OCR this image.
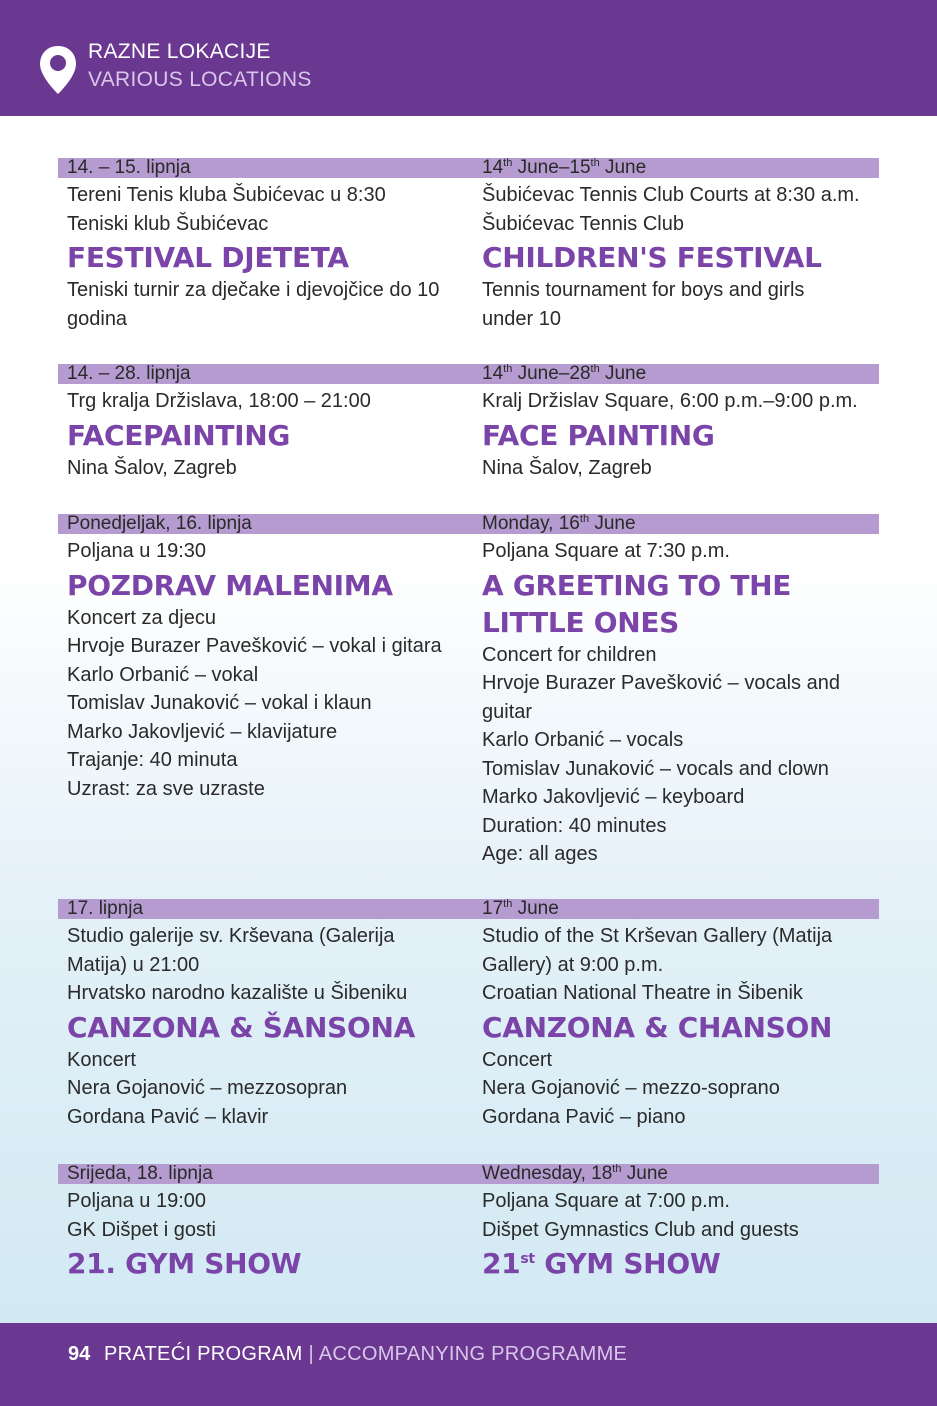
RAZNE LOKACIJE
VARIOUS LOCATIONS
14. – 15. lipnja
Tereni Tenis kluba Šubićevac u 8:30
Teniski klub Šubićevac
FESTIVAL DJETETA
Teniski turnir za dječake i djevojčice do 10
godina
14th June–15th June
Šubićevac Tennis Club Courts at 8:30 a.m.
Šubićevac Tennis Club
CHILDREN'S FESTIVAL
Tennis tournament for boys and girls
under 10
14. – 28. lipnja
Trg kralja Držislava, 18:00 – 21:00
FACEPAINTING
Nina Šalov, Zagreb
14th June–28th June
Kralj Držislav Square, 6:00 p.m.–9:00 p.m.
FACE PAINTING
Nina Šalov, Zagreb
Ponedjeljak, 16. lipnja
Poljana u 19:30
POZDRAV MALENIMA
Koncert za djecu
Hrvoje Burazer Pavešković – vokal i gitara
Karlo Orbanić – vokal
Tomislav Junaković – vokal i klaun
Marko Jakovljević – klavijature
Trajanje: 40 minuta
Uzrast: za sve uzraste
Monday, 16th June
Poljana Square at 7:30 p.m.
A GREETING TO THE LITTLE ONES
Concert for children
Hrvoje Burazer Pavešković – vocals and
guitar
Karlo Orbanić – vocals
Tomislav Junaković – vocals and clown
Marko Jakovljević – keyboard
Duration: 40 minutes
Age: all ages
17. lipnja
Studio galerije sv. Krševana (Galerija
Matija) u 21:00
Hrvatsko narodno kazalište u Šibeniku
CANZONA & ŠANSONA
Koncert
Nera Gojanović – mezzosopran
Gordana Pavić – klavir
17th June
Studio of the St Krševan Gallery (Matija
Gallery) at 9:00 p.m.
Croatian National Theatre in Šibenik
CANZONA & CHANSON
Concert
Nera Gojanović – mezzo-soprano
Gordana Pavić – piano
Srijeda, 18. lipnja
Poljana u 19:00
GK Dišpet i gosti
21. GYM SHOW
Wednesday, 18th June
Poljana Square at 7:00 p.m.
Dišpet Gymnastics Club and guests
21st GYM SHOW
94 PRATEĆI PROGRAM | ACCOMPANYING PROGRAMME
